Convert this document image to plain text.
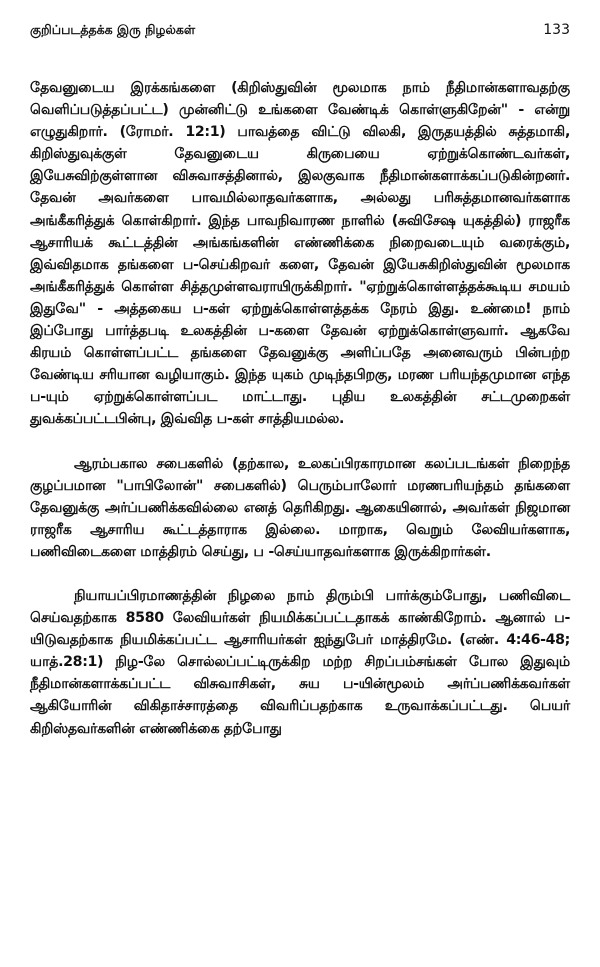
குறிப்படத்தக்க இரு நிழல்கள்	133

தேவனுடைய இரக்கங்களை (கிறிஸ்துவின் மூலமாக நாம் நீதிமான்களாவதற்கு வெளிப்படுத்தப்பட்ட) முன்னிட்டு உங்களை வேண்டிக் கொள்ளுகிறேன்" - என்று எழுதுகிறார். (ரோமர். 12:1) பாவத்தை விட்டு விலகி, இருதயத்தில் சுத்தமாகி, கிறிஸ்துவுக்குள் தேவனுடைய கிருபையை ஏற்றுக்கொண்டவர்கள், இயேசுவிற்குள்ளான விசுவாசத்தினால், இலகுவாக நீதிமான்களாக்கப்படுகின்றனர். தேவன் அவர்களை பாவமில்லாதவர்களாக, அல்லது பரிசுத்தமானவர்களாக அங்கீகரித்துக் கொள்கிறார். இந்த பாவநிவாரண நாளில் (சுவிசேஷ யுகத்தில்) ராஜரீக ஆசாரியக் கூட்டத்தின் அங்கங்களின் எண்ணிக்கை நிறைவடையும் வரைக்கும், இவ்விதமாக தங்களை ப-செய்கிறவர் களை, தேவன் இயேசுகிறிஸ்துவின் மூலமாக அங்கீகரித்துக் கொள்ள சித்தமுள்ளவராயிருக்கிறார். "ஏற்றுக்கொள்ளத்தக்கூடிய சமயம் இதுவே" - அத்தகைய ப-கள் ஏற்றுக்கொள்ளத்தக்க நேரம் இது. உண்மை! நாம் இப்போது பார்த்தபடி உலகத்தின் ப-களை தேவன் ஏற்றுக்கொள்ளுவார். ஆகவே கிரயம் கொள்ளப்பட்ட தங்களை தேவனுக்கு அளிப்பதே அனைவரும் பின்பற்ற வேண்டிய சரியான வழியாகும். இந்த யுகம் முடிந்தபிறகு, மரண பரியந்தமுமான எந்த ப-யும் ஏற்றுக்கொள்ளப்பட மாட்டாது. புதிய உலகத்தின் சட்டமுறைகள் துவக்கப்பட்டபின்பு, இவ்வித ப-கள் சாத்தியமல்ல.

ஆரம்பகால சபைகளில் (தற்கால, உலகப்பிரகாரமான கலப்படங்கள் நிறைந்த குழப்பமான "பாபிலோன்" சபைகளில்) பெரும்பாலோர் மரணபரியந்தம் தங்களை தேவனுக்கு அர்ப்பணிக்கவில்லை எனத் தெரிகிறது. ஆகையினால், அவர்கள் நிஜமான ராஜரீக ஆசாரிய கூட்டத்தாராக இல்லை. மாறாக, வெறும் லேவியர்களாக, பணிவிடைகளை மாத்திரம் செய்து, ப -செய்யாதவர்களாக இருக்கிறார்கள்.

நியாயப்பிரமாணத்தின் நிழலை நாம் திரும்பி பார்க்கும்போது, பணிவிடை செய்வதற்காக 8580 லேவியர்கள் நியமிக்கப்பட்டதாகக் காண்கிறோம். ஆனால் ப-யிடுவதற்காக நியமிக்கப்பட்ட ஆசாரியர்கள் ஐந்துபேர் மாத்திரமே. (எண். 4:46-48; யாத்.28:1) நிழ-லே சொல்லப்பட்டிருக்கிற மற்ற சிறப்பம்சங்கள் போல இதுவும் நீதிமான்களாக்கப்பட்ட விசுவாசிகள், சுய ப-யின்மூலம் அர்ப்பணிக்கவர்கள் ஆகியோரின் விகிதாச்சாரத்தை விவரிப்பதற்காக உருவாக்கப்பட்டது. பெயர் கிறிஸ்தவர்களின் எண்ணிக்கை தற்போது
